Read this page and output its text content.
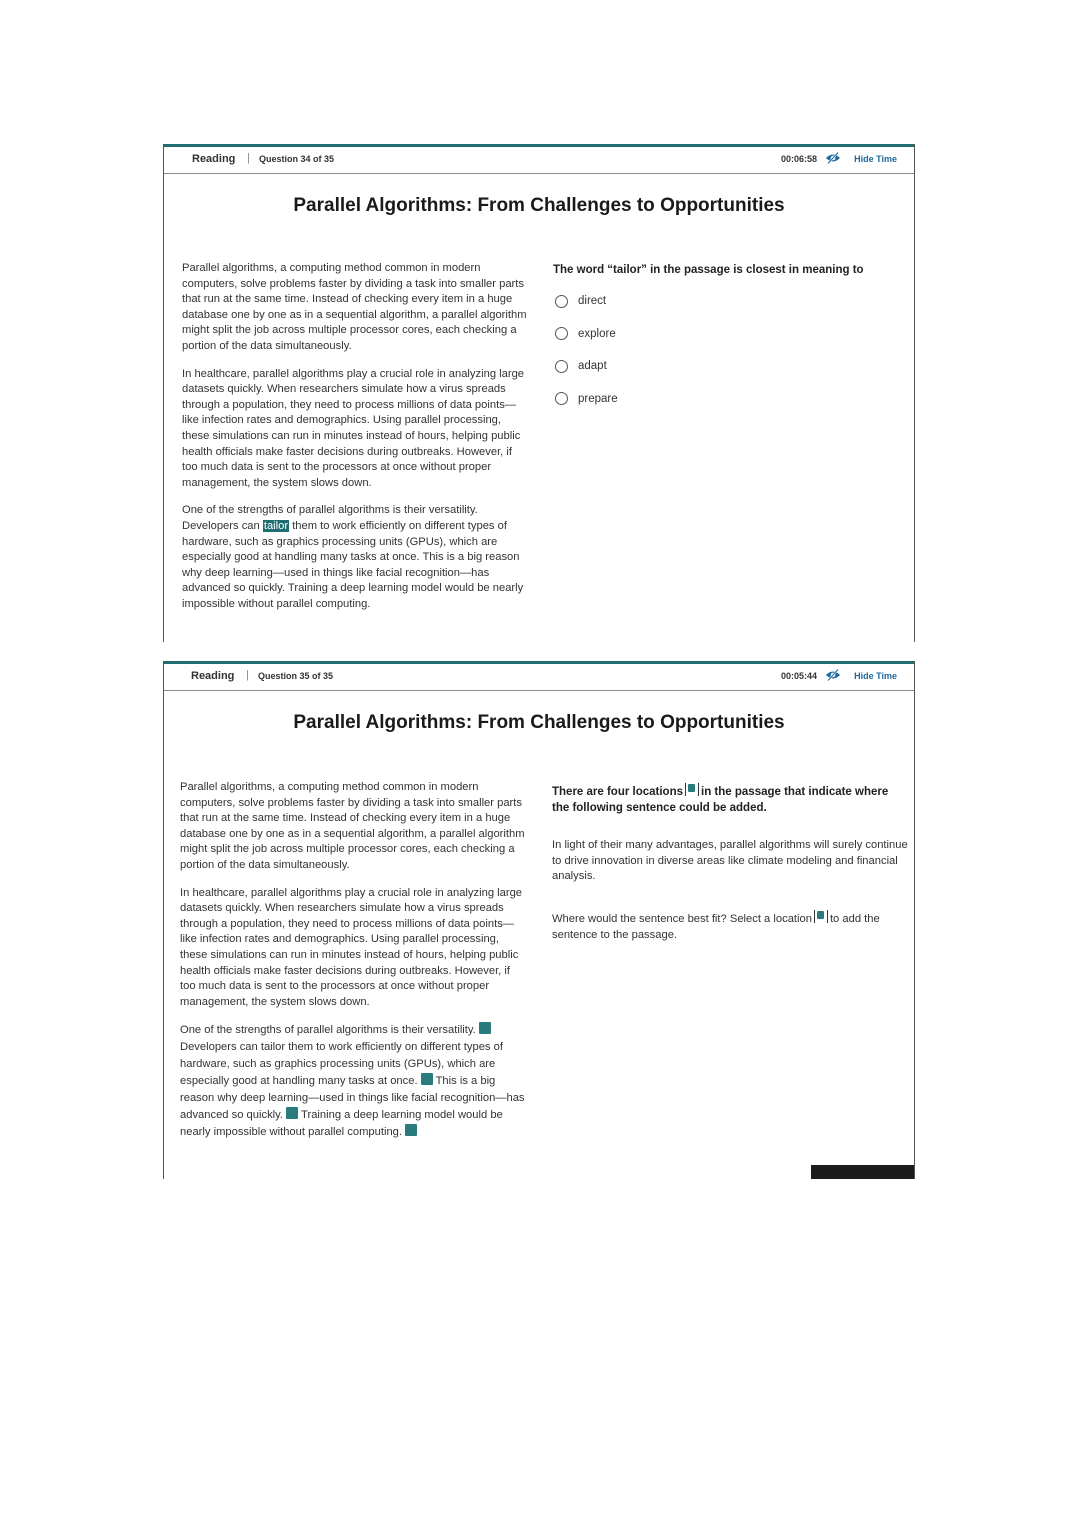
Reading | Question 34 of 35	00:06:58	Hide Time
Parallel Algorithms: From Challenges to Opportunities

Parallel algorithms, a computing method common in modern computers, solve problems faster by dividing a task into smaller parts that run at the same time. Instead of checking every item in a huge database one by one as in a sequential algorithm, a parallel algorithm might split the job across multiple processor cores, each checking a portion of the data simultaneously.

In healthcare, parallel algorithms play a crucial role in analyzing large datasets quickly. When researchers simulate how a virus spreads through a population, they need to process millions of data points—like infection rates and demographics. Using parallel processing, these simulations can run in minutes instead of hours, helping public health officials make faster decisions during outbreaks. However, if too much data is sent to the processors at once without proper management, the system slows down.

One of the strengths of parallel algorithms is their versatility. Developers can tailor them to work efficiently on different types of hardware, such as graphics processing units (GPUs), which are especially good at handling many tasks at once. This is a big reason why deep learning—used in things like facial recognition—has advanced so quickly. Training a deep learning model would be nearly impossible without parallel computing.

The word “tailor” in the passage is closest in meaning to
direct
explore
adapt
prepare
Reading | Question 35 of 35	00:05:44	Hide Time
Parallel Algorithms: From Challenges to Opportunities

Parallel algorithms, a computing method common in modern computers, solve problems faster by dividing a task into smaller parts that run at the same time. Instead of checking every item in a huge database one by one as in a sequential algorithm, a parallel algorithm might split the job across multiple processor cores, each checking a portion of the data simultaneously.

In healthcare, parallel algorithms play a crucial role in analyzing large datasets quickly. When researchers simulate how a virus spreads through a population, they need to process millions of data points—like infection rates and demographics. Using parallel processing, these simulations can run in minutes instead of hours, helping public health officials make faster decisions during outbreaks. However, if too much data is sent to the processors at once without proper management, the system slows down.

One of the strengths of parallel algorithms is their versatility.  Developers can tailor them to work efficiently on different types of hardware, such as graphics processing units (GPUs), which are especially good at handling many tasks at once. This is a big reason why deep learning—used in things like facial recognition—has advanced so quickly. Training a deep learning model would be nearly impossible without parallel computing.

There are four locations in the passage that indicate where the following sentence could be added.
In light of their many advantages, parallel algorithms will surely continue to drive innovation in diverse areas like climate modeling and financial analysis.
Where would the sentence best fit? Select a location to add the sentence to the passage.
